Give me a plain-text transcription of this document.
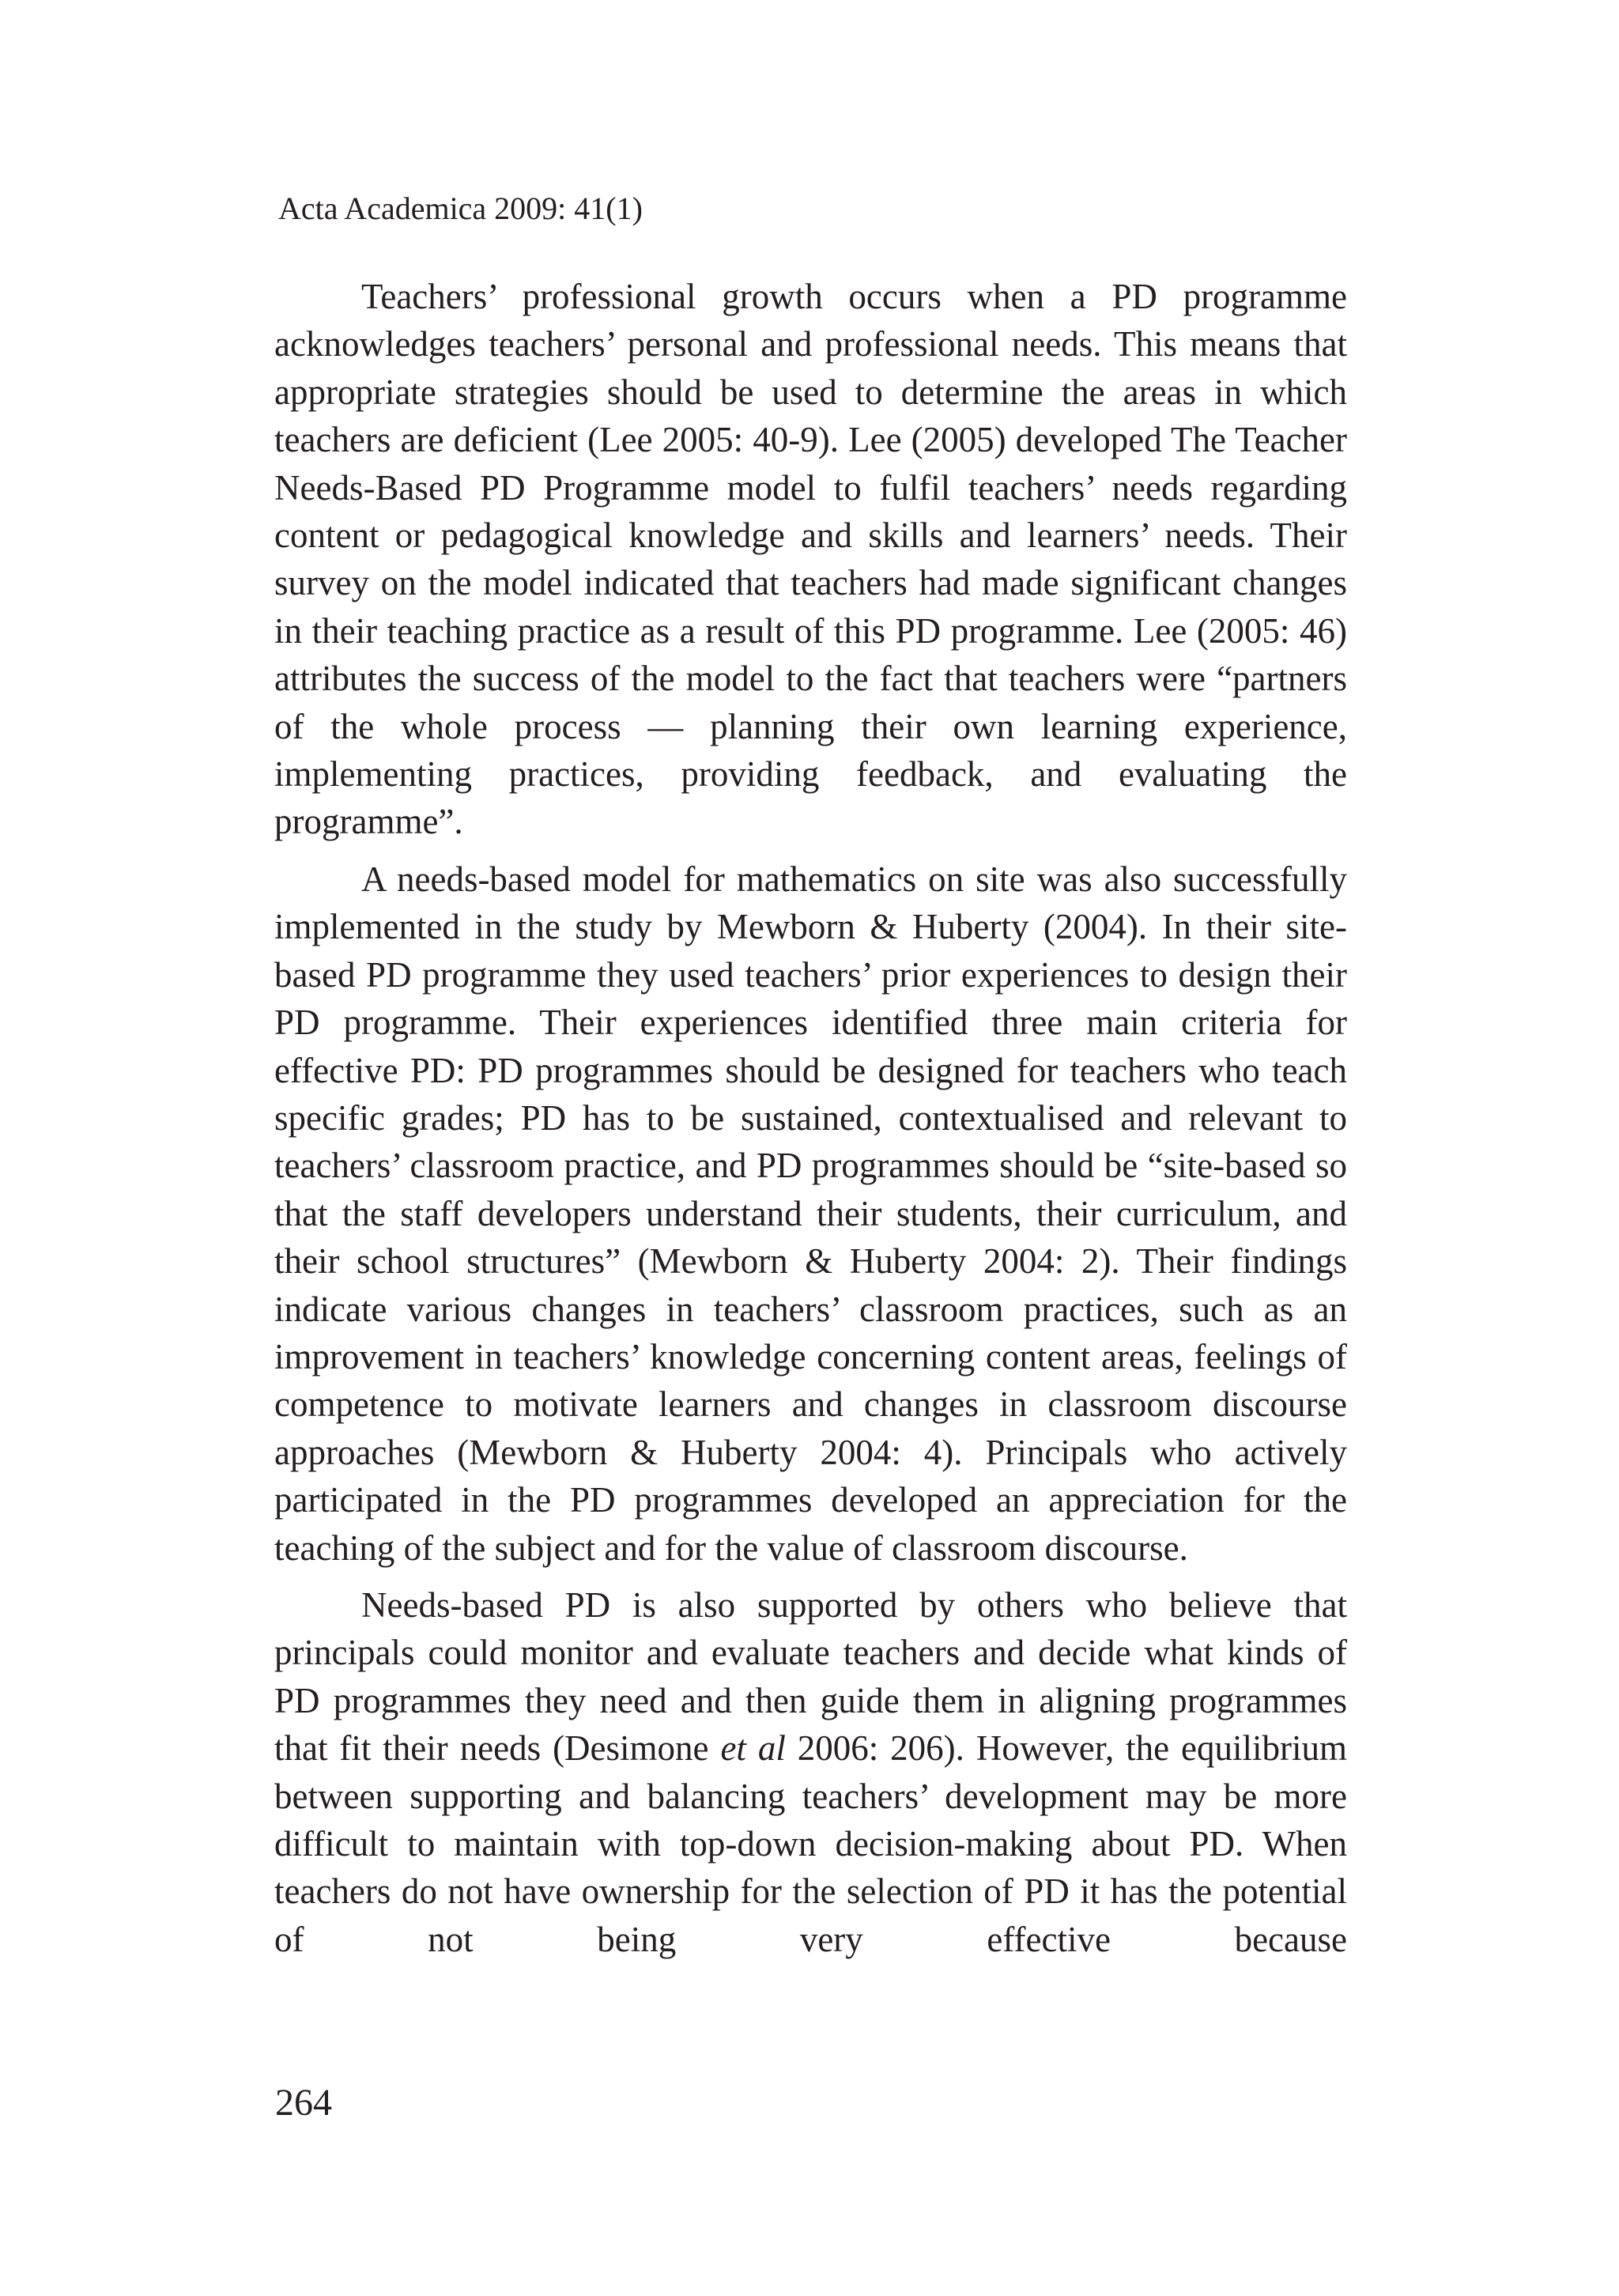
Acta Academica 2009: 41(1)

Teachers’ professional growth occurs when a PD programme acknowledges teachers’ personal and professional needs. This means that appropriate strategies should be used to determine the areas in which teachers are deficient (Lee 2005: 40-9). Lee (2005) developed The Teacher Needs-Based PD Programme model to fulfil teachers’ needs regarding content or pedagogical knowledge and skills and learners’ needs. Their survey on the model indicated that teachers had made significant changes in their teaching practice as a result of this PD programme. Lee (2005: 46) attributes the success of the model to the fact that teachers were “partners of the whole process — planning their own learning experience, implementing practices, providing feedback, and evaluating the programme”.

A needs-based model for mathematics on site was also successfully implemented in the study by Mewborn & Huberty (2004). In their site-based PD programme they used teachers’ prior experiences to design their PD programme. Their experiences identified three main criteria for effective PD: PD programmes should be designed for teachers who teach specific grades; PD has to be sustained, contextualised and relevant to teachers’ classroom practice, and PD programmes should be “site-based so that the staff developers understand their students, their curriculum, and their school structures” (Mewborn & Huberty 2004: 2). Their findings indicate various changes in teachers’ classroom practices, such as an improvement in teachers’ knowledge concerning content areas, feelings of competence to motivate learners and changes in classroom discourse approaches (Mewborn & Huberty 2004: 4). Principals who actively participated in the PD programmes developed an appreciation for the teaching of the subject and for the value of classroom discourse.

Needs-based PD is also supported by others who believe that principals could monitor and evaluate teachers and decide what kinds of PD programmes they need and then guide them in aligning programmes that fit their needs (Desimone et al 2006: 206). However, the equilibrium between supporting and balancing teachers’ development may be more difficult to maintain with top-down decision-making about PD. When teachers do not have ownership for the selection of PD it has the potential of not being very effective because

264
